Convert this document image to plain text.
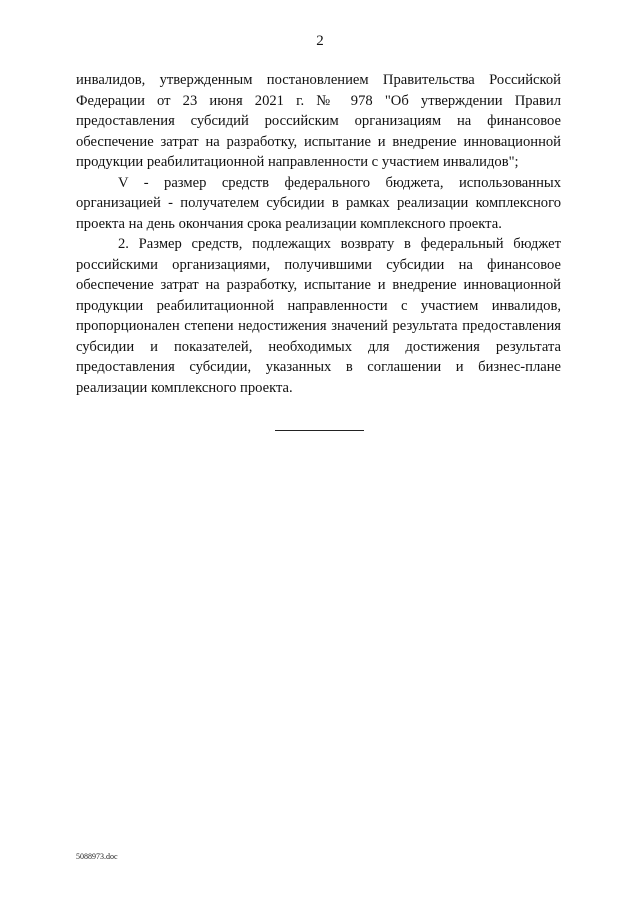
2

инвалидов, утвержденным постановлением Правительства Российской Федерации от 23 июня 2021 г. № 978 "Об утверждении Правил предоставления субсидий российским организациям на финансовое обеспечение затрат на разработку, испытание и внедрение инновационной продукции реабилитационной направленности с участием инвалидов";

V - размер средств федерального бюджета, использованных организацией - получателем субсидии в рамках реализации комплексного проекта на день окончания срока реализации комплексного проекта.

2. Размер средств, подлежащих возврату в федеральный бюджет российскими организациями, получившими субсидии на финансовое обеспечение затрат на разработку, испытание и внедрение инновационной продукции реабилитационной направленности с участием инвалидов, пропорционален степени недостижения значений результата предоставления субсидии и показателей, необходимых для достижения результата предоставления субсидии, указанных в соглашении и бизнес-плане реализации комплексного проекта.

5088973.doc
